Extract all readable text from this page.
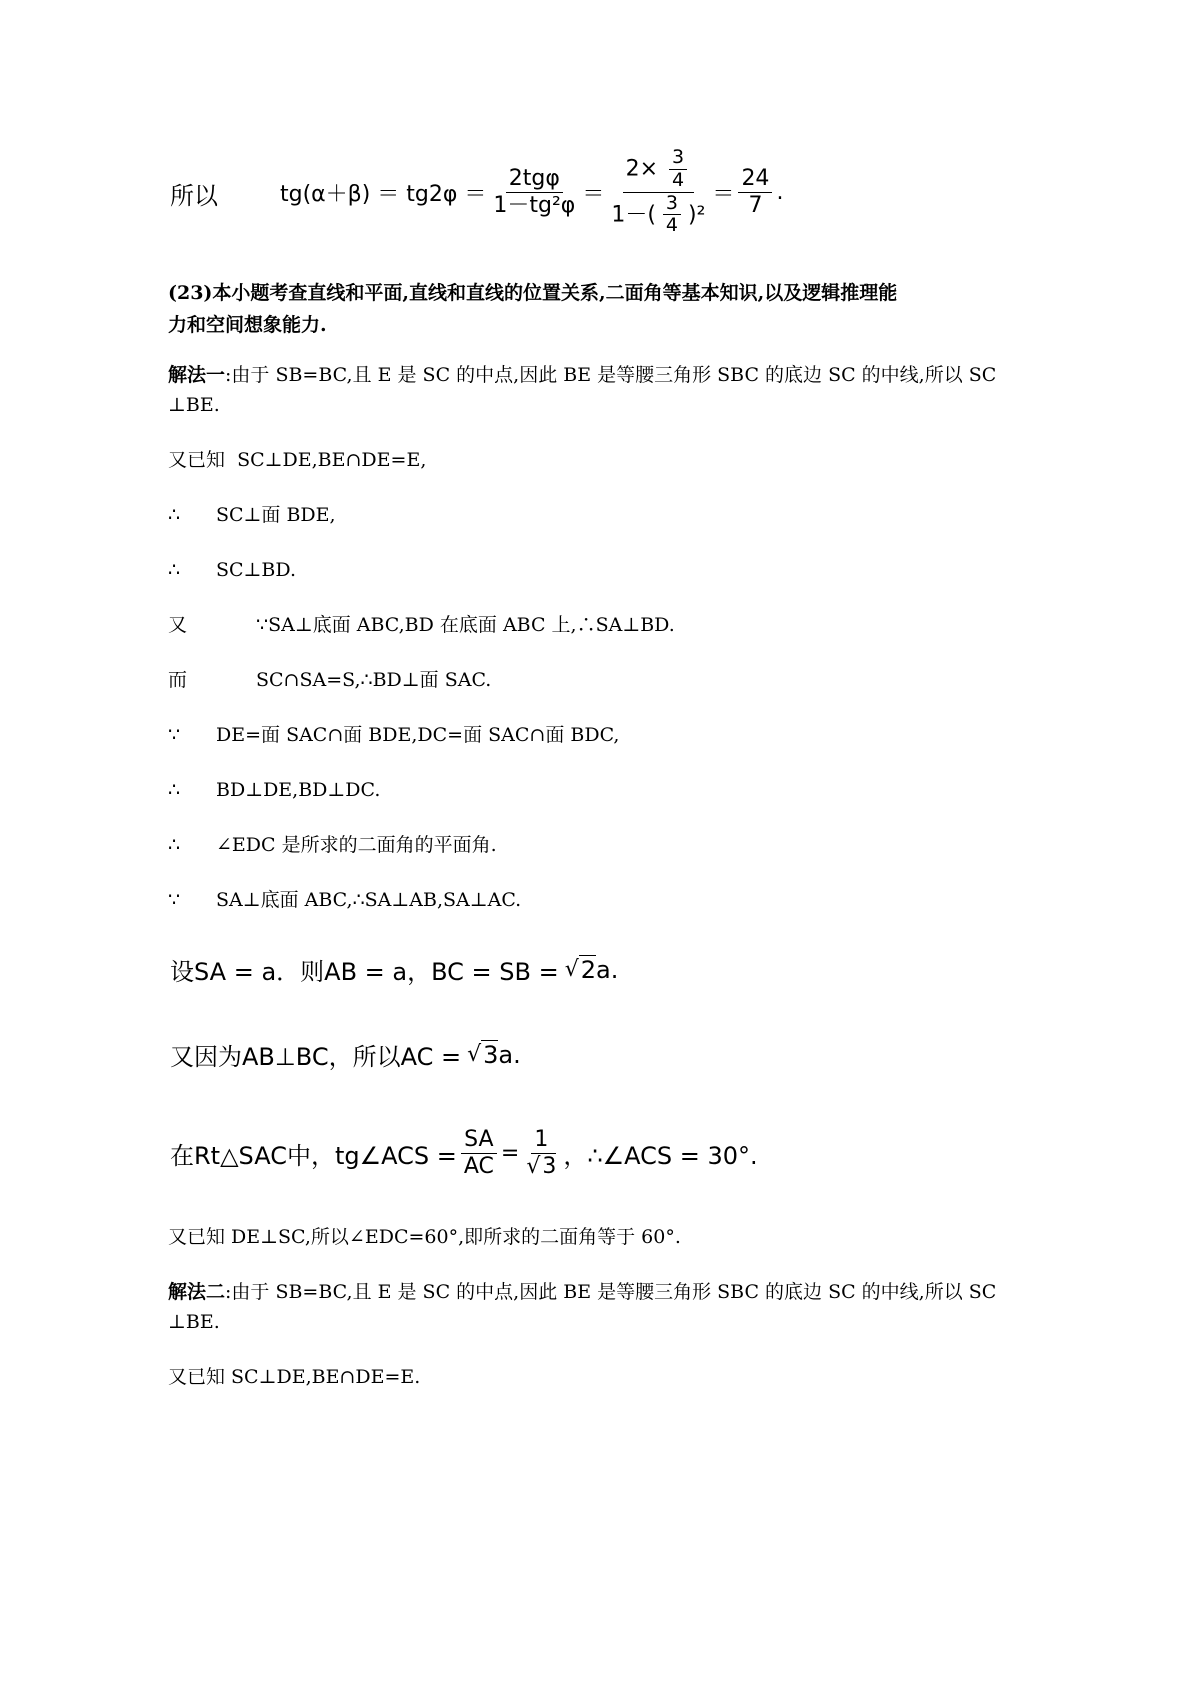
所以	$tg(\alpha+\beta) = tg2\varphi = \frac{\text{2tgφ}}{\text{1－tg²φ}} = \frac{2\times \frac{3}{4}}{1-( \frac{3}{4} )^2} = \frac{24}{7}$ .
(23)本小题考查直线和平面,直线和直线的位置关系,二面角等基本知识,以及逻辑推理能
力和空间想象能力.
解法一:由于 SB=BC,且 E 是 SC 的中点,因此 BE 是等腰三角形 SBC 的底边 SC 的中线,所以 SC
⊥BE.
又已知 SC⊥DE,BE∩DE=E,
∴ SC⊥面 BDE,
∴ SC⊥BD.
又	∵SA⊥底面 ABC,BD 在底面 ABC 上,∴SA⊥BD.
而	SC∩SA=S,∴BD⊥面 SAC.
∵ DE=面 SAC∩面 BDE,DC=面 SAC∩面 BDC,
∴ BD⊥DE,BD⊥DC.
∴ ∠EDC 是所求的二面角的平面角.
∵ SA⊥底面 ABC,∴SA⊥AB,SA⊥AC.
设SA = a．则AB = a，BC = SB = √ 2 a.
又因为AB⊥BC，所以AC = √ 3 a.
在Rt△SAC中，tg∠ACS = $\frac{SA}{AC} = \frac{1}{√3}$ ，∴∠ACS = 30°.
又已知 DE⊥SC,所以∠EDC=60°,即所求的二面角等于 60°.
解法二:由于 SB=BC,且 E 是 SC 的中点,因此 BE 是等腰三角形 SBC 的底边 SC 的中线,所以 SC
⊥BE.
又已知 SC⊥DE,BE∩DE=E.
